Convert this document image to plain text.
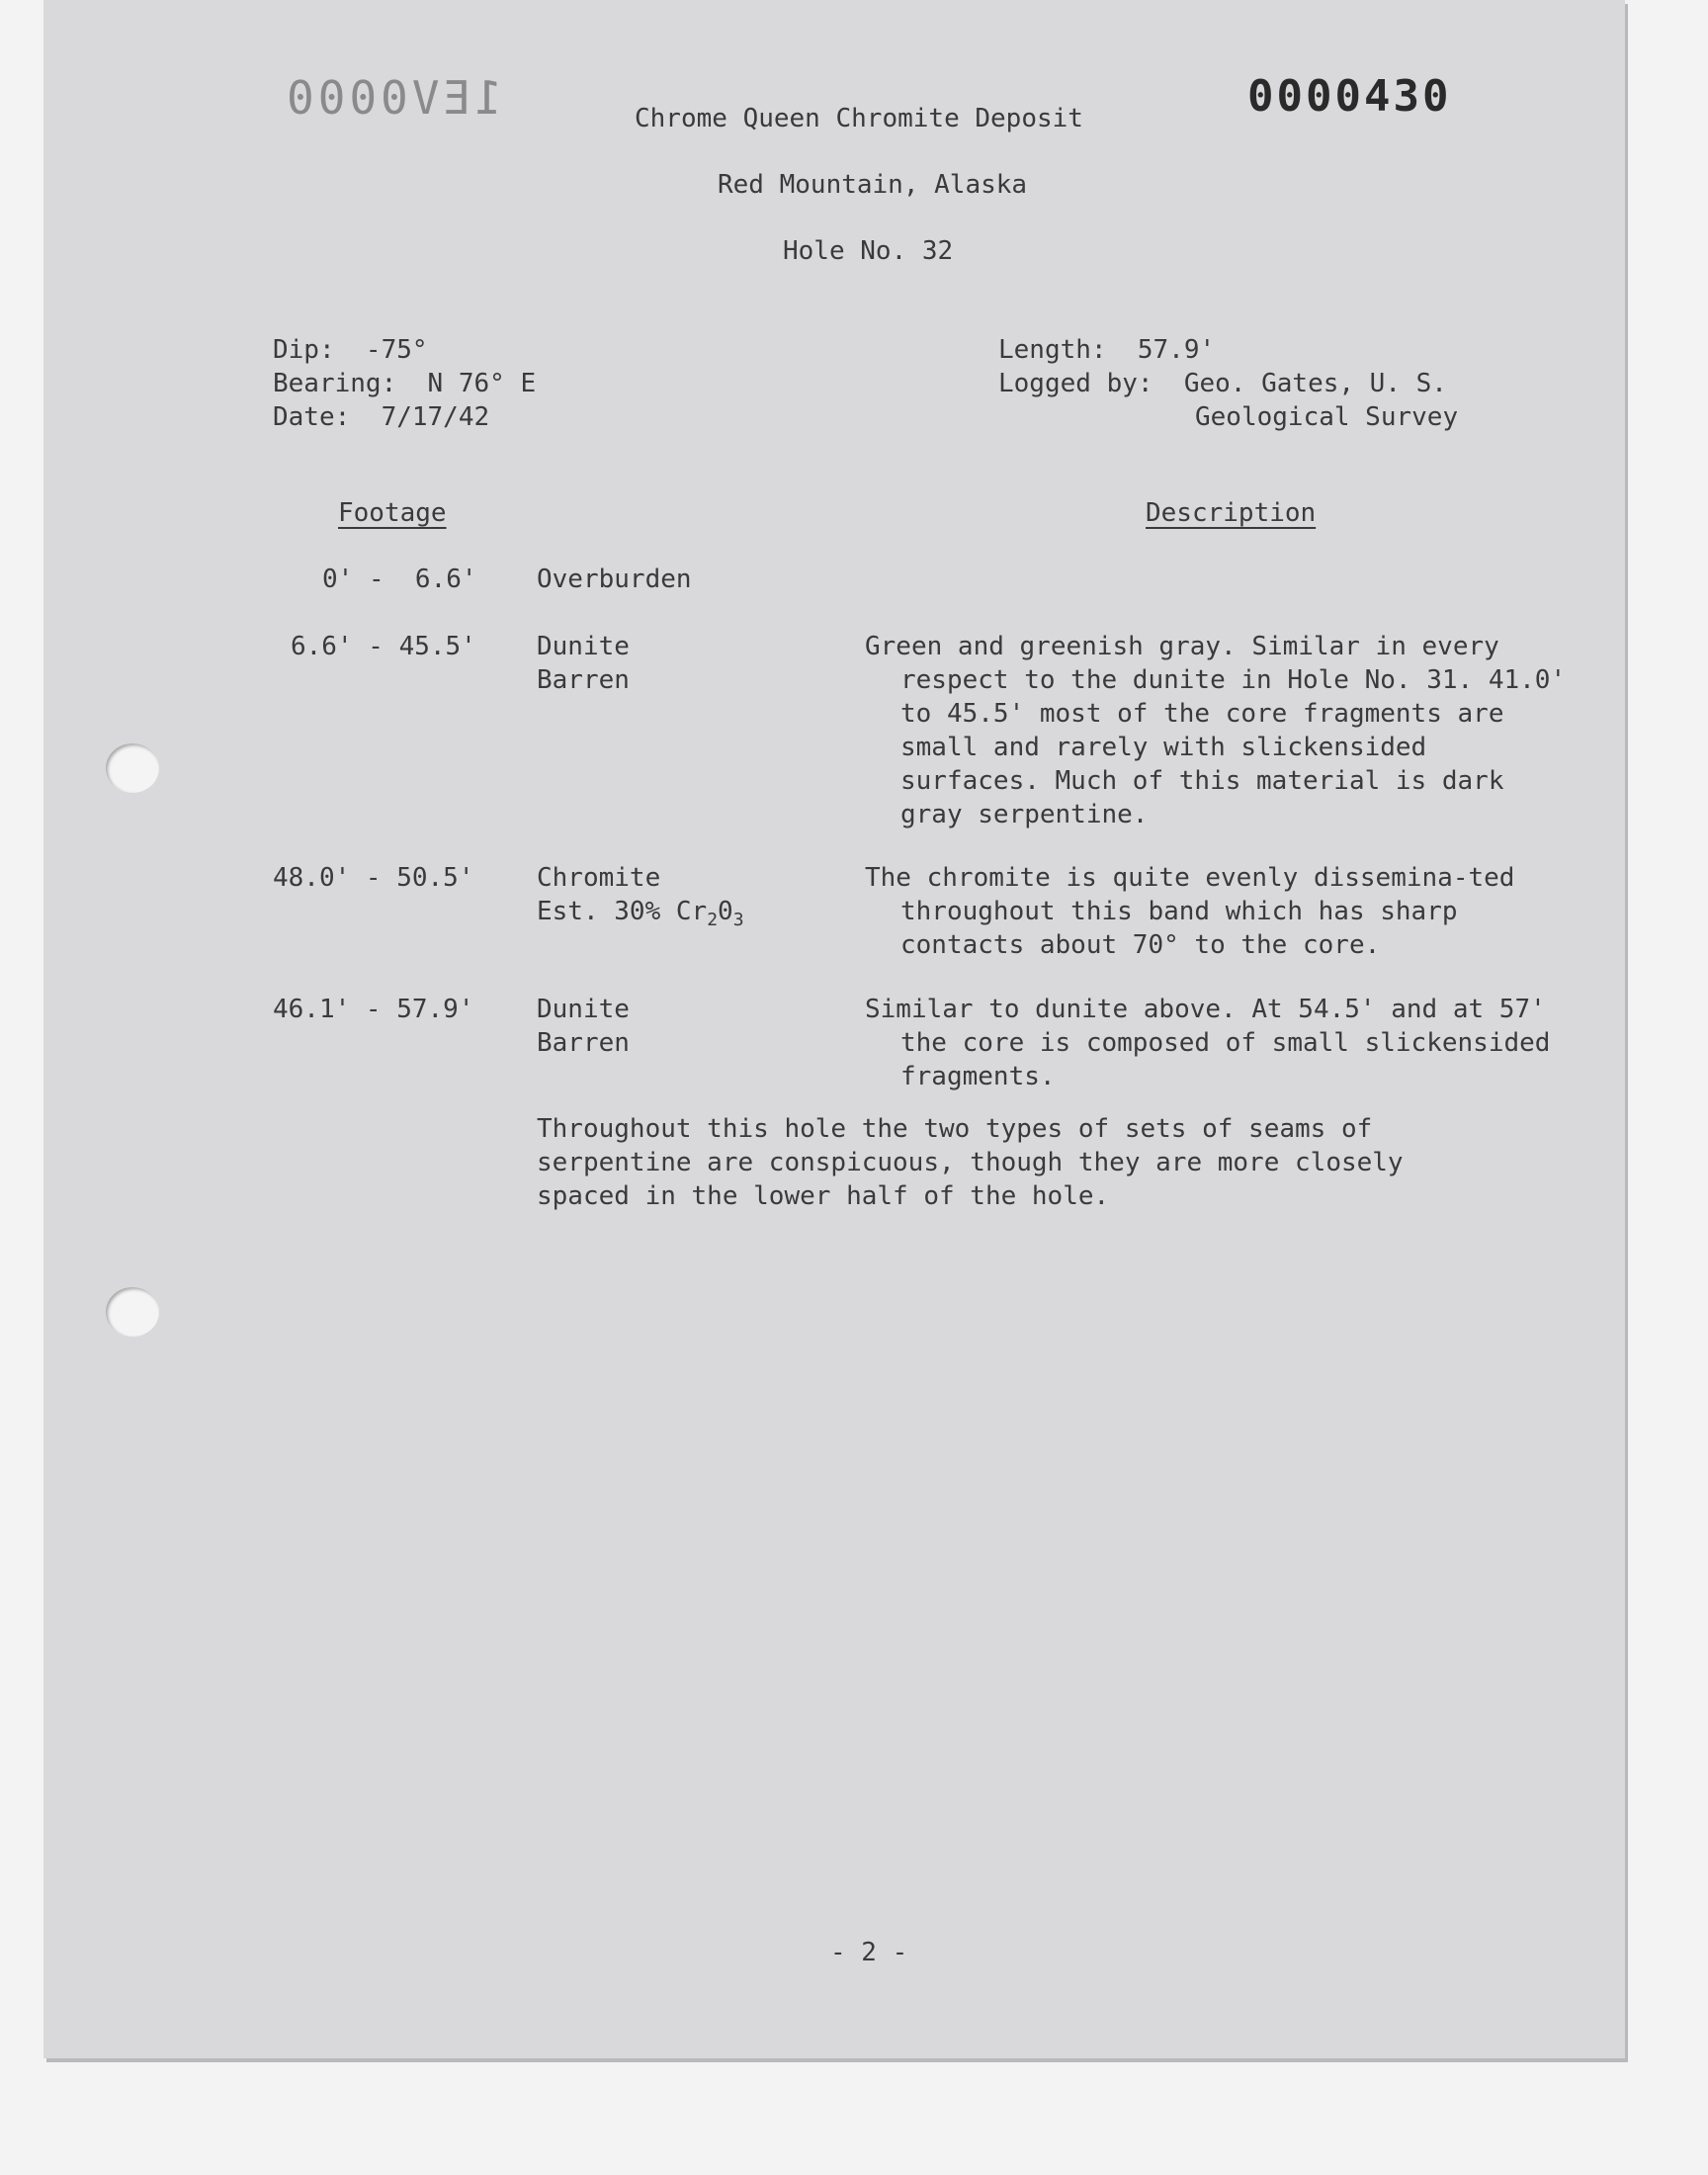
1EV0000	0000430
Chrome Queen Chromite Deposit
Red Mountain, Alaska
Hole No. 32
Dip:  -75°
Bearing:  N 76° E
Date:  7/17/42
Length:  57.9'
Logged by:  Geo. Gates, U. S.
Geological Survey
Footage	Description
0' -  6.6' Overburden
6.6' - 45.5' Dunite
Barren
Green and greenish gray. Similar in every respect to the dunite in Hole No. 31. 41.0' to 45.5' most of the core fragments are small and rarely with slickensided surfaces. Much of this material is dark gray serpentine.
48.0' - 50.5' Chromite
Est. 30% $Cr_20_3$
The chromite is quite evenly dissemina-ted throughout this band which has sharp contacts about 70° to the core.
46.1' - 57.9' Dunite
Barren
Similar to dunite above. At 54.5' and at 57' the core is composed of small slickensided fragments.
Throughout this hole the two types of sets of seams of serpentine are conspicuous, though they are more closely spaced in the lower half of the hole.
- 2 -
